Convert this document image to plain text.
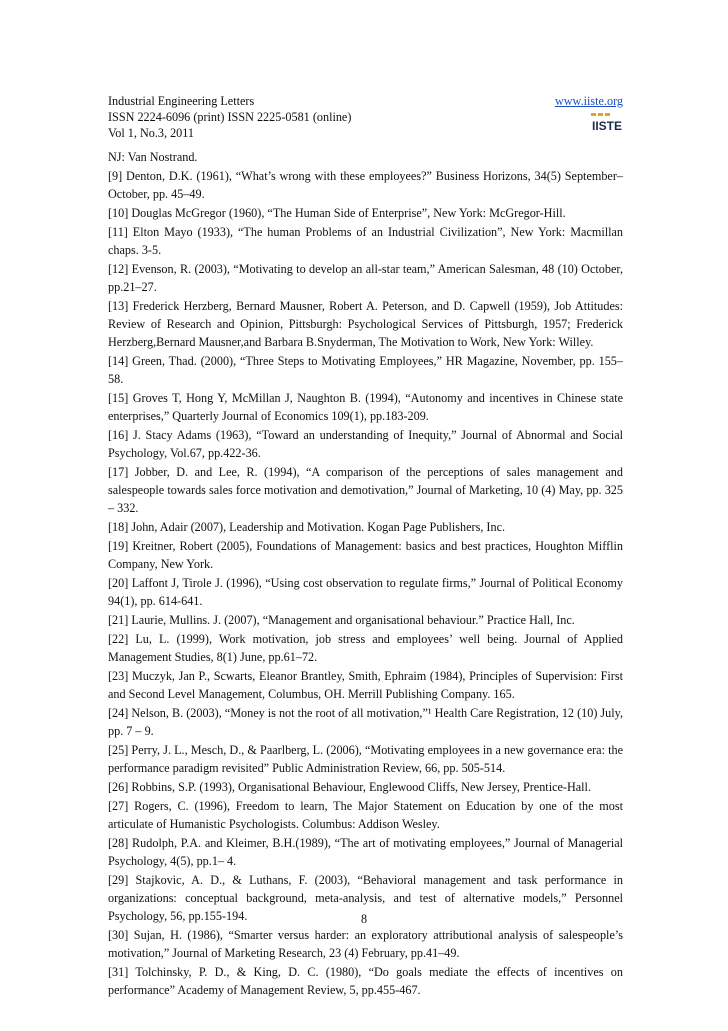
Industrial Engineering Letters
ISSN 2224-6096 (print) ISSN 2225-0581 (online)
Vol 1, No.3, 2011
www.iiste.org
IISTE

NJ: Van Nostrand.

[9] Denton, D.K. (1961), “What’s wrong with these employees?” Business Horizons, 34(5) September–October, pp. 45–49.

[10] Douglas McGregor (1960), “The Human Side of Enterprise”, New York: McGregor-Hill.

[11] Elton Mayo (1933), “The human Problems of an Industrial Civilization”, New York: Macmillan chaps. 3-5.

[12] Evenson, R. (2003), “Motivating to develop an all-star team,” American Salesman, 48 (10) October, pp.21–27.

[13] Frederick Herzberg, Bernard Mausner, Robert A. Peterson, and D. Capwell (1959), Job Attitudes: Review of Research and Opinion, Pittsburgh: Psychological Services of Pittsburgh, 1957; Frederick Herzberg,Bernard Mausner,and Barbara B.Snyderman, The Motivation to Work, New York: Willey.

[14] Green, Thad. (2000), “Three Steps to Motivating Employees,” HR Magazine, November, pp. 155–58.

[15] Groves T, Hong Y, McMillan J, Naughton B. (1994), “Autonomy and incentives in Chinese state enterprises,” Quarterly Journal of Economics 109(1), pp.183-209.

[16] J. Stacy Adams (1963), “Toward an understanding of Inequity,” Journal of Abnormal and Social Psychology, Vol.67, pp.422-36.

[17] Jobber, D. and Lee, R. (1994), “A comparison of the perceptions of sales management and salespeople towards sales force motivation and demotivation,” Journal of Marketing, 10 (4) May, pp. 325 – 332.

[18] John, Adair (2007), Leadership and Motivation. Kogan Page Publishers, Inc.

[19] Kreitner, Robert (2005), Foundations of Management: basics and best practices, Houghton Mifflin Company, New York.

[20] Laffont J, Tirole J. (1996), “Using cost observation to regulate firms,” Journal of Political Economy 94(1), pp. 614-641.

[21] Laurie, Mullins. J. (2007), “Management and organisational behaviour.” Practice Hall, Inc.

[22] Lu, L. (1999), Work motivation, job stress and employees’ well being. Journal of Applied Management Studies, 8(1) June, pp.61–72.

[23] Muczyk, Jan P., Scwarts, Eleanor Brantley, Smith, Ephraim (1984), Principles of Supervision: First and Second Level Management, Columbus, OH. Merrill Publishing Company. 165.

[24] Nelson, B. (2003), “Money is not the root of all motivation,”¹ Health Care Registration, 12 (10) July, pp. 7 – 9.

[25] Perry, J. L., Mesch, D., & Paarlberg, L. (2006), “Motivating employees in a new governance era: the performance paradigm revisited” Public Administration Review, 66, pp. 505-514.

[26] Robbins, S.P. (1993), Organisational Behaviour, Englewood Cliffs, New Jersey, Prentice-Hall.

[27] Rogers, C. (1996), Freedom to learn, The Major Statement on Education by one of the most articulate of Humanistic Psychologists. Columbus: Addison Wesley.

[28] Rudolph, P.A. and Kleimer, B.H.(1989), “The art of motivating employees,” Journal of Managerial Psychology, 4(5), pp.1– 4.

[29] Stajkovic, A. D., & Luthans, F. (2003), “Behavioral management and task performance in organizations: conceptual background, meta-analysis, and test of alternative models,” Personnel Psychology, 56, pp.155-194.

[30] Sujan, H. (1986), “Smarter versus harder: an exploratory attributional analysis of salespeople’s motivation,” Journal of Marketing Research, 23 (4) February, pp.41–49.

[31] Tolchinsky, P. D., & King, D. C. (1980), “Do goals mediate the effects of incentives on performance” Academy of Management Review, 5, pp.455-467.

8
